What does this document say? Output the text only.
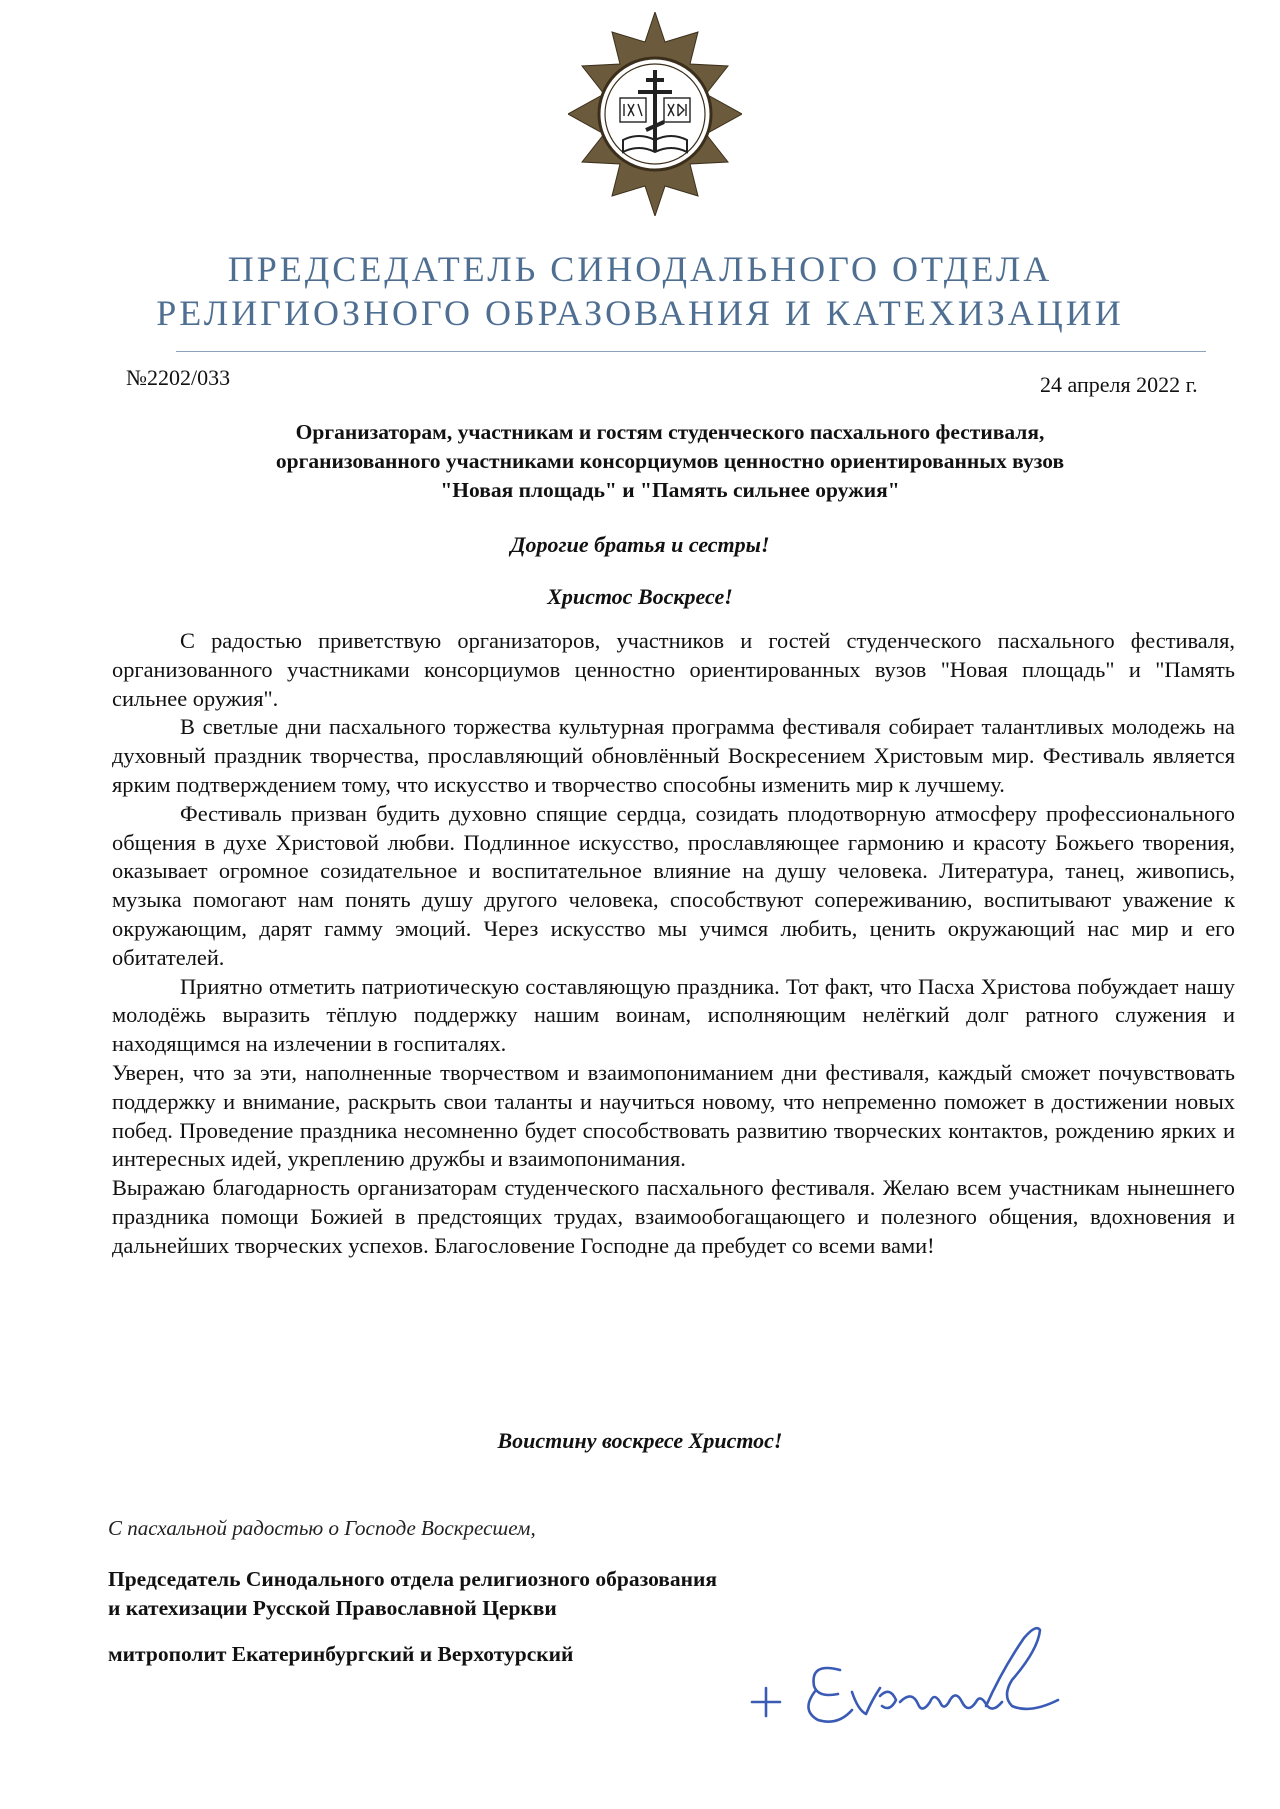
ПРЕДСЕДАТЕЛЬ СИНОДАЛЬНОГО ОТДЕЛА
РЕЛИГИОЗНОГО ОБРАЗОВАНИЯ И КАТЕХИЗАЦИИ
№2202/033	24 апреля 2022 г.
Организаторам, участникам и гостям студенческого пасхального фестиваля,
организованного участниками консорциумов ценностно ориентированных вузов
"Новая площадь" и "Память сильнее оружия"
Дорогие братья и сестры!
Христос Воскресе!

С радостью приветствую организаторов, участников и гостей студенческого пасхального фестиваля, организованного участниками консорциумов ценностно ориентированных вузов "Новая площадь" и "Память сильнее оружия".

В светлые дни пасхального торжества культурная программа фестиваля собирает талантливых молодежь на духовный праздник творчества, прославляющий обновлённый Воскресением Христовым мир. Фестиваль является ярким подтверждением тому, что искусство и творчество способны изменить мир к лучшему.

Фестиваль призван будить духовно спящие сердца, созидать плодотворную атмосферу профессионального общения в духе Христовой любви. Подлинное искусство, прославляющее гармонию и красоту Божьего творения, оказывает огромное созидательное и воспитательное влияние на душу человека. Литература, танец, живопись, музыка помогают нам понять душу другого человека, способствуют сопереживанию, воспитывают уважение к окружающим, дарят гамму эмоций. Через искусство мы учимся любить, ценить окружающий нас мир и его обитателей.

Приятно отметить патриотическую составляющую праздника. Тот факт, что Пасха Христова побуждает нашу молодёжь выразить тёплую поддержку нашим воинам, исполняющим нелёгкий долг ратного служения и находящимся на излечении в госпиталях.

Уверен, что за эти, наполненные творчеством и взаимопониманием дни фестиваля, каждый сможет почувствовать поддержку и внимание, раскрыть свои таланты и научиться новому, что непременно поможет в достижении новых побед. Проведение праздника несомненно будет способствовать развитию творческих контактов, рождению ярких и интересных идей, укреплению дружбы и взаимопонимания.

Выражаю благодарность организаторам студенческого пасхального фестиваля. Желаю всем участникам нынешнего праздника помощи Божией в предстоящих трудах, взаимообогащающего и полезного общения, вдохновения и дальнейших творческих успехов. Благословение Господне да пребудет со всеми вами!

Воистину воскресе Христос!
С пасхальной радостью о Господе Воскресшем,
Председатель Синодального отдела религиозного образования
и катехизации Русской Православной Церкви
митрополит Екатеринбургский и Верхотурский
